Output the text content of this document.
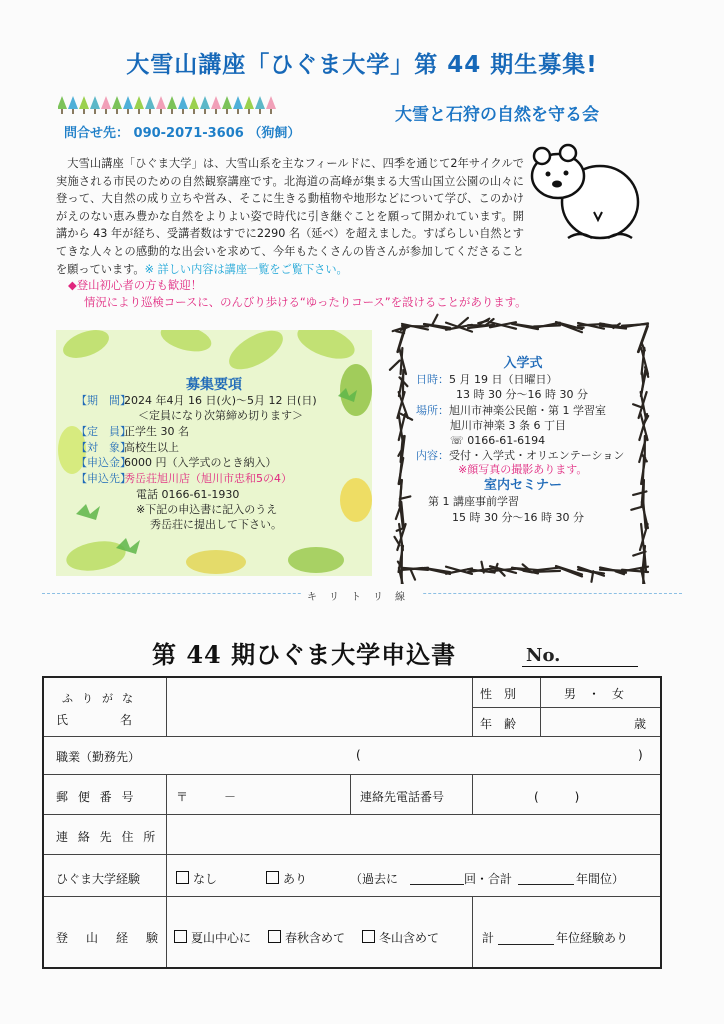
大雪山講座「ひぐま大学」第 44 期生募集!
問合せ先： 090-2071-3606 （狗飼）
大雪と石狩の自然を守る会
　大雪山講座「ひぐま大学」は、大雪山系を主なフィールドに、四季を通じて2年サイクルで実施される市民のための自然観察講座です。北海道の高峰が集まる大雪山国立公園の山々に登って、大自然の成り立ちや営み、そこに生きる動植物や地形などについて学び、このかけがえのない恵み豊かな自然をよりよい姿で時代に引き継ぐことを願って開かれています。開講から 43 年が経ち、受講者数はすでに2290 名（延べ）を超えました。すばらしい自然とすてきな人々との感動的な出会いを求めて、今年もたくさんの皆さんが参加してくださることを願っています。※ 詳しい内容は講座一覧をご覧下さい。
◆登山初心者の方も歓迎！
情況により巡検コースに、のんびり歩ける“ゆったりコース”を設けることがあります。
募集要項
【期　間】2024 年4月 16 日(火)～5月 12 日(日)
＜定員になり次第締め切ります＞
【定　員】正学生 30 名
【対　象】高校生以上
【申込金】6000 円（入学式のとき納入）
【申込先】秀岳荘旭川店（旭川市忠和5の4）
電話 0166-61-1930
※下記の申込書に記入のうえ
秀岳荘に提出して下さい。
入学式
日時：5 月 19 日（日曜日）
13 時 30 分～16 時 30 分
場所：旭川市神楽公民館・第 1 学習室
旭川市神楽 3 条 6 丁目
☏ 0166-61-6194
内容：受付・入学式・オリエンテーション
※顔写真の撮影あります。
室内セミナー
第 1 講座事前学習
15 時 30 分～16 時 30 分
キリトリ線
第 44 期ひぐま大学申込書	No.
ふりがな
氏　　　名
性　別	男　・　女
年　齢	歳
職業（勤務先）	(	)
郵 便 番 号	〒　　　－	連絡先電話番号	(　　　)
連 絡 先 住 所
ひぐま大学経験	なし	あり	（過去に	回・合計	年間位）
登　山　経　験	夏山中心に	春秋含めて	冬山含めて	計	年位経験あり
